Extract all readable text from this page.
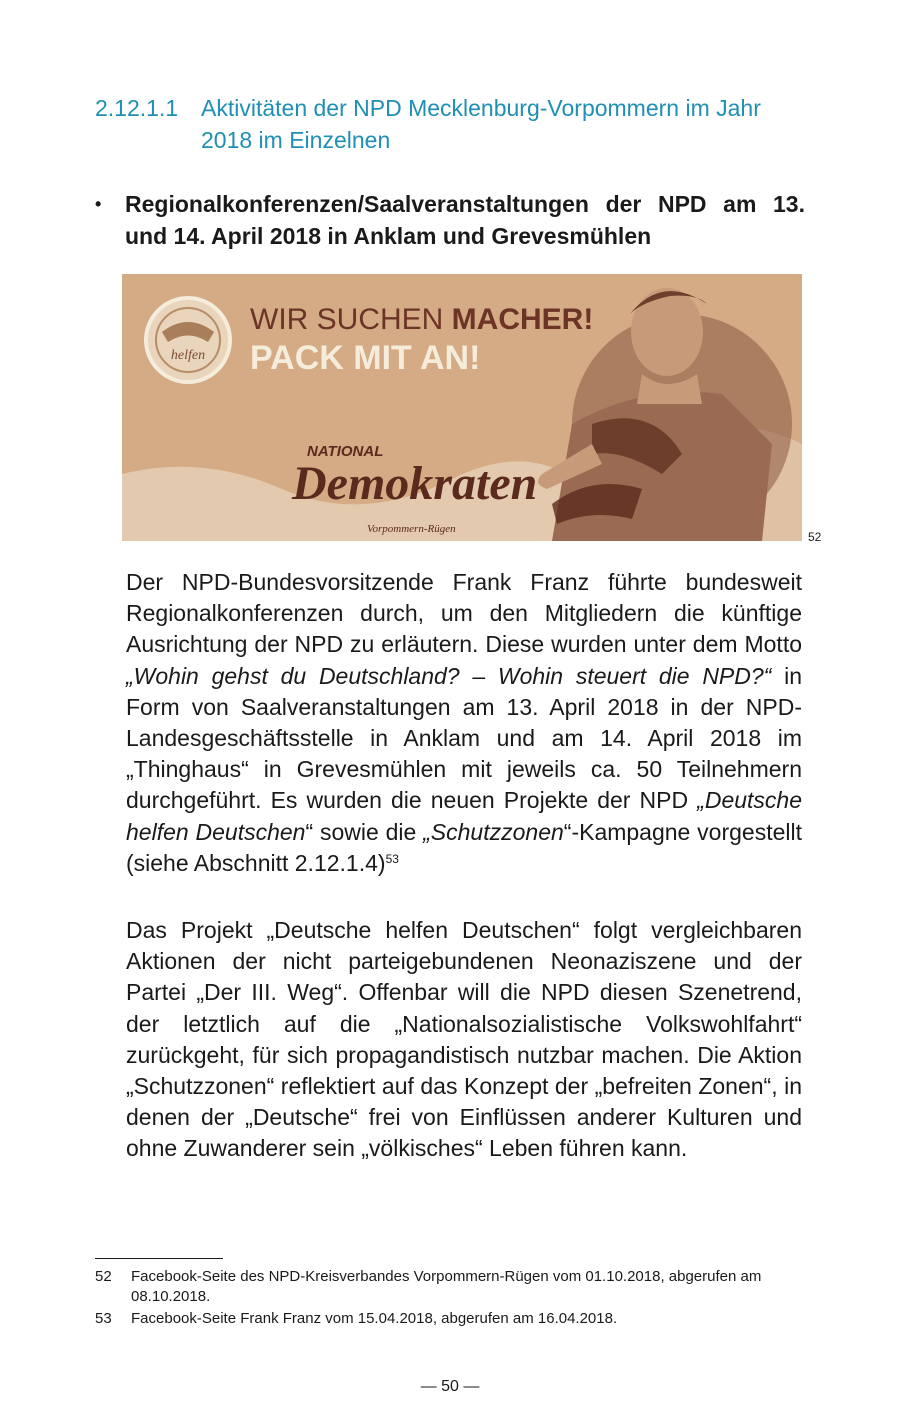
2.12.1.1 Aktivitäten der NPD Mecklenburg-Vorpommern im Jahr 2018 im Einzelnen
•	Regionalkonferenzen/Saalveranstaltungen der NPD am 13. und 14. April 2018 in Anklam und Grevesmühlen
helfen
WIR SUCHEN MACHER!
PACK MIT AN!
NATIONAL
Demokraten
Vorpommern-Rügen
52
Der NPD-Bundesvorsitzende Frank Franz führte bundesweit Regionalkonferenzen durch, um den Mitgliedern die künftige Ausrichtung der NPD zu erläutern. Diese wurden unter dem Motto „Wohin gehst du Deutschland? – Wohin steuert die NPD?“ in Form von Saalveranstaltungen am 13. April 2018 in der NPD-Landesgeschäftsstelle in Anklam und am 14. April 2018 im „Thinghaus“ in Grevesmühlen mit jeweils ca. 50 Teilnehmern durchgeführt. Es wurden die neuen Projekte der NPD „Deutsche helfen Deutschen“ sowie die „Schutzzonen“-Kampagne vorgestellt (siehe Abschnitt 2.12.1.4)$^{53}$
Das Projekt „Deutsche helfen Deutschen“ folgt vergleichbaren Aktionen der nicht parteigebundenen Neonaziszene und der Partei „Der III. Weg“. Offenbar will die NPD diesen Szenetrend, der letztlich auf die „Nationalsozialistische Volkswohlfahrt“ zurückgeht, für sich propagandistisch nutzbar machen. Die Aktion „Schutzzonen“ reflektiert auf das Konzept der „befreiten Zonen“, in denen der „Deutsche“ frei von Einflüssen anderer Kulturen und ohne Zuwanderer sein „völkisches“ Leben führen kann.
52	Facebook-Seite des NPD-Kreisverbandes Vorpommern-Rügen vom 01.10.2018, abgerufen am 08.10.2018.
53	Facebook-Seite Frank Franz vom 15.04.2018, abgerufen am 16.04.2018.
— 50 —
